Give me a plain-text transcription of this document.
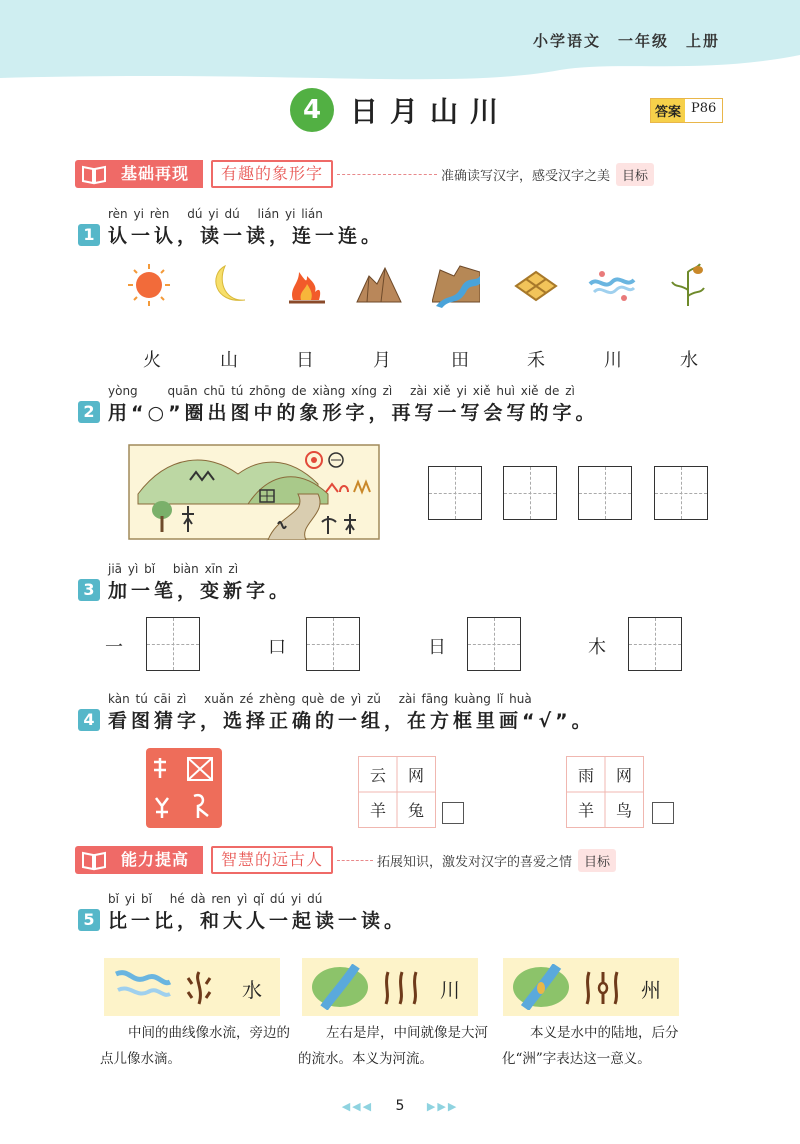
小学语文　一年级　上册
4	日月山川	答案 P86
基础再现	有趣的象形字	准确读写汉字，感受汉字之美 目标
rèn yi rèn　 dú yi dú　 lián yi lián
1 认一认，读一读，连一连。
火	山	日	月	田	禾	川	水
yòng　　 quān chū tú zhōng de xiàng xíng zì　 zài xiě yi xiě huì xiě de zì
2 用“○”圈出图中的象形字，再写一写会写的字。
jiā yì bǐ　 biàn xīn zì
3 加一笔，变新字。
一	口	日	木
kàn tú cāi zì　 xuǎn zé zhèng què de yì zǔ　 zài fāng kuàng lǐ huà
4 看图猜字，选择正确的一组，在方框里画“√”。
云	网
羊	兔
雨	网
羊	鸟
能力提高	智慧的远古人	拓展知识，激发对汉字的喜爱之情 目标
bǐ yi bǐ　 hé dà ren yì qǐ dú yi dú
5 比一比，和大人一起读一读。
水	川	州
中间的曲线像水流，旁边的点儿像水滴。
左右是岸，中间就像是大河的流水。本义为河流。
本义是水中的陆地，后分化“洲”字表达这一意义。
◀◀◀ 5 ▶▶▶
